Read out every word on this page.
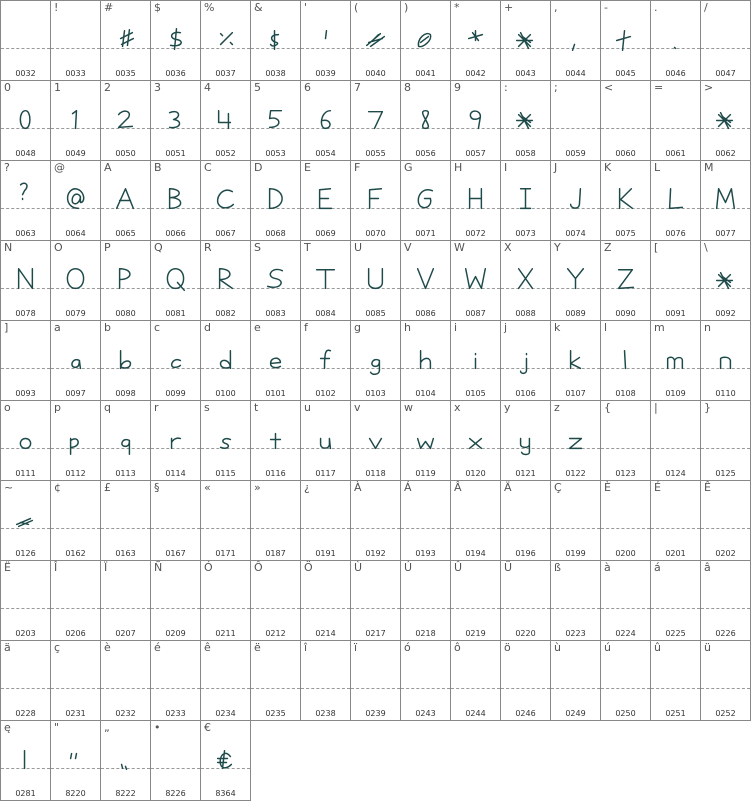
0032
!
0033
#
0035
$
0036
%
0037
&
0038
'
0039
(
0040
)
0041
*
0042
+
0043
,
0044
-
0045
.
0046
/
0047
0
0048
1
0049
2
0050
3
0051
4
0052
5
0053
6
0054
7
0055
8
0056
9
0057
:
0058
;
0059
<
0060
=
0061
>
0062
?
0063
@
0064
A
0065
B
0066
C
0067
D
0068
E
0069
F
0070
G
0071
H
0072
I
0073
J
0074
K
0075
L
0076
M
0077
N
0078
O
0079
P
0080
Q
0081
R
0082
S
0083
T
0084
U
0085
V
0086
W
0087
X
0088
Y
0089
Z
0090
[
0091
\
0092
]
0093
a
0097
b
0098
c
0099
d
0100
e
0101
f
0102
g
0103
h
0104
i
0105
j
0106
k
0107
l
0108
m
0109
n
0110
o
0111
p
0112
q
0113
r
0114
s
0115
t
0116
u
0117
v
0118
w
0119
x
0120
y
0121
z
0122
{
0123
|
0124
}
0125
~
0126
¢
0162
£
0163
§
0167
«
0171
»
0187
¿
0191
À
0192
Á
0193
Â
0194
Ä
0196
Ç
0199
È
0200
É
0201
Ê
0202
Ë
0203
Î
0206
Ï
0207
Ñ
0209
Ó
0211
Ô
0212
Ö
0214
Ù
0217
Ú
0218
Û
0219
Ü
0220
ß
0223
à
0224
á
0225
â
0226
ä
0228
ç
0231
è
0232
é
0233
ê
0234
ë
0235
î
0238
ï
0239
ó
0243
ô
0244
ö
0246
ù
0249
ú
0250
û
0251
ü
0252
ę
0281
"
8220
„
8222
•
8226
€
8364
